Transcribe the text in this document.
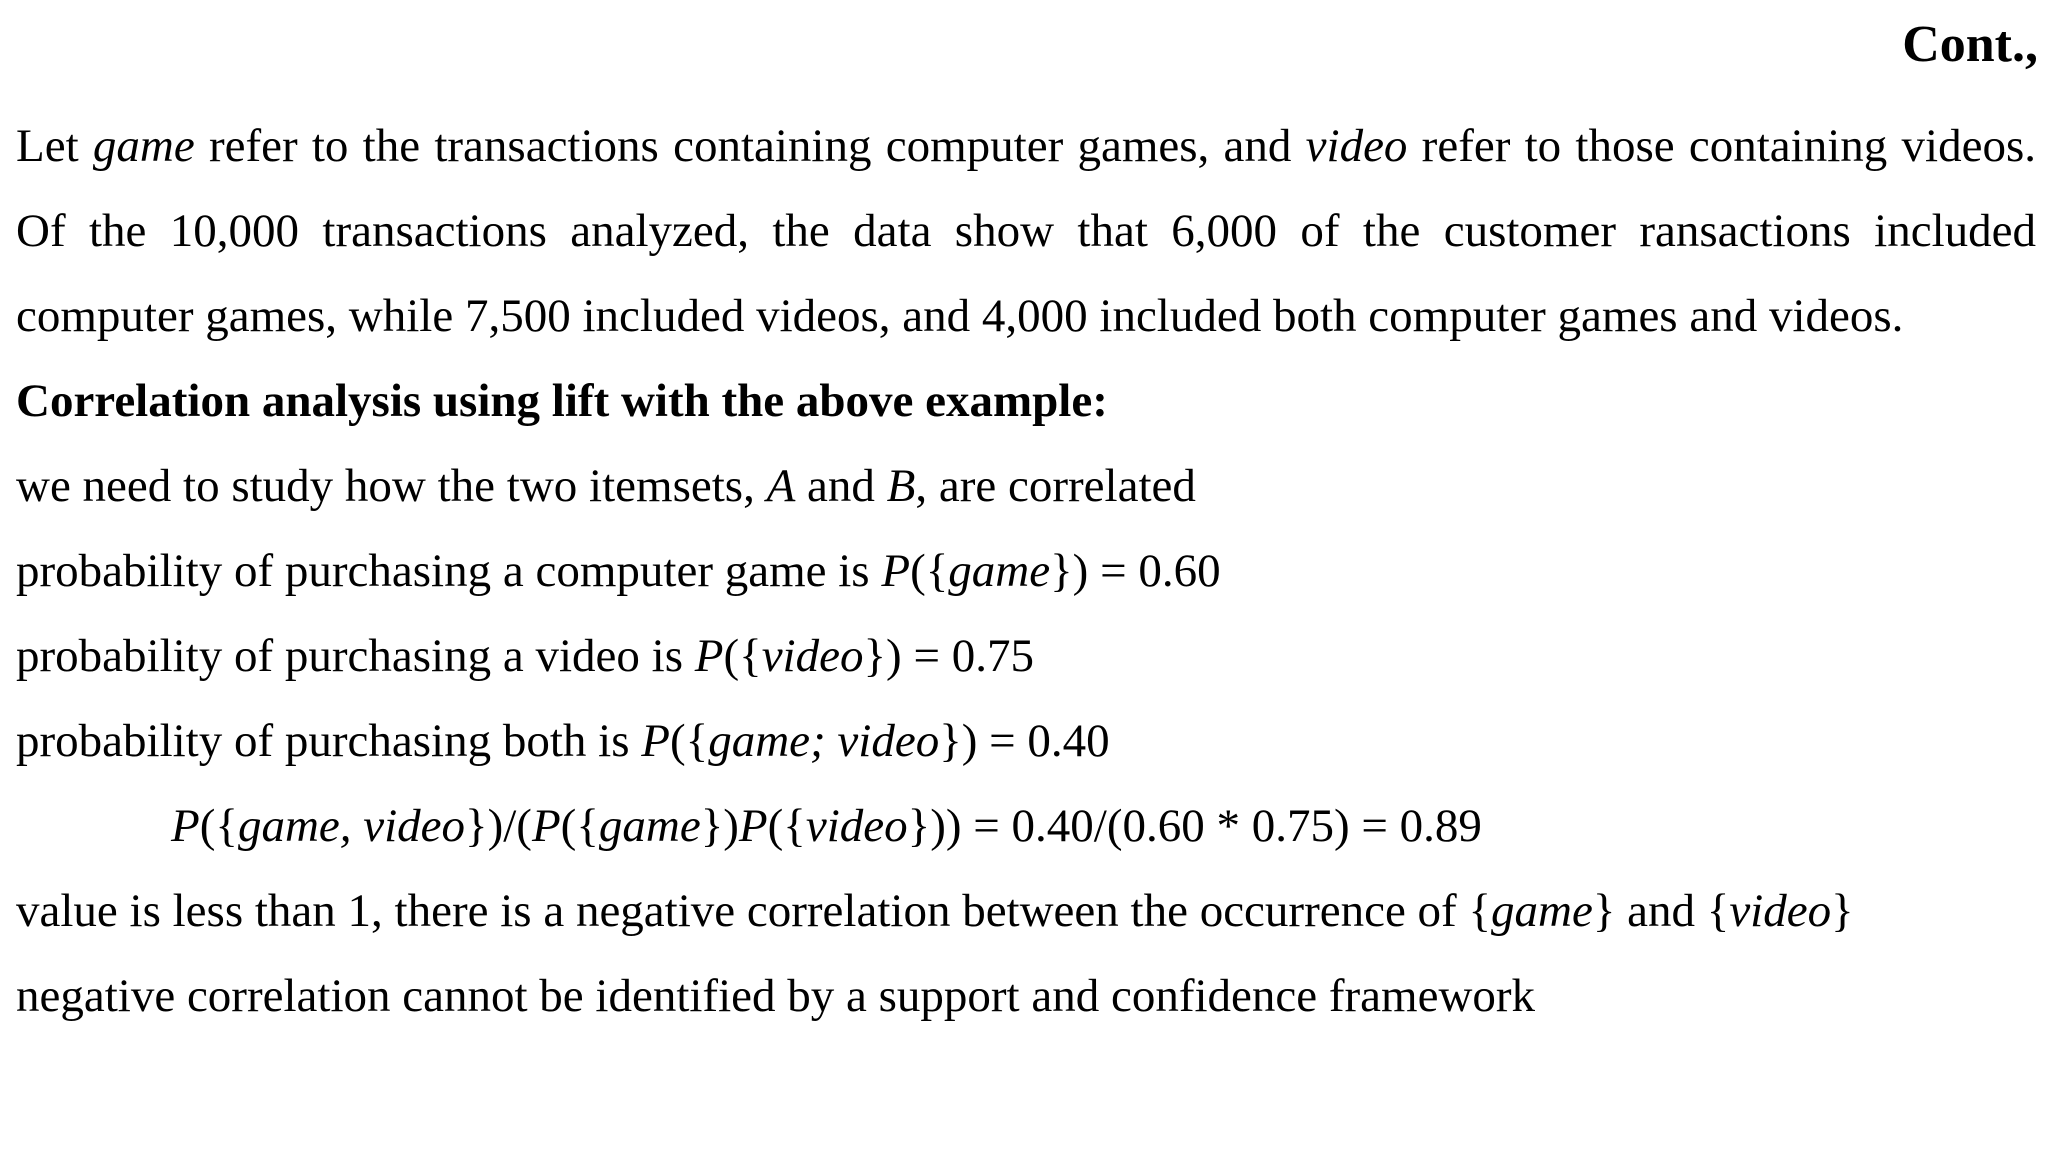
Cont.,

Let game refer to the transactions containing computer games, and video refer to those containing videos. Of the 10,000 transactions analyzed, the data show that 6,000 of the customer ransactions included computer games, while 7,500 included videos, and 4,000 included both computer games and videos.

Correlation analysis using lift with the above example:
we need to study how the two itemsets, A and B, are correlated
probability of purchasing a computer game is P({game}) = 0.60
probability of purchasing a video is P({video}) = 0.75
probability of purchasing both is P({game; video}) = 0.40
P({game, video})/(P({game})P({video})) = 0.40/(0.60 * 0.75) = 0.89
value is less than 1, there is a negative correlation between the occurrence of {game} and {video}
negative correlation cannot be identified by a support and confidence framework
